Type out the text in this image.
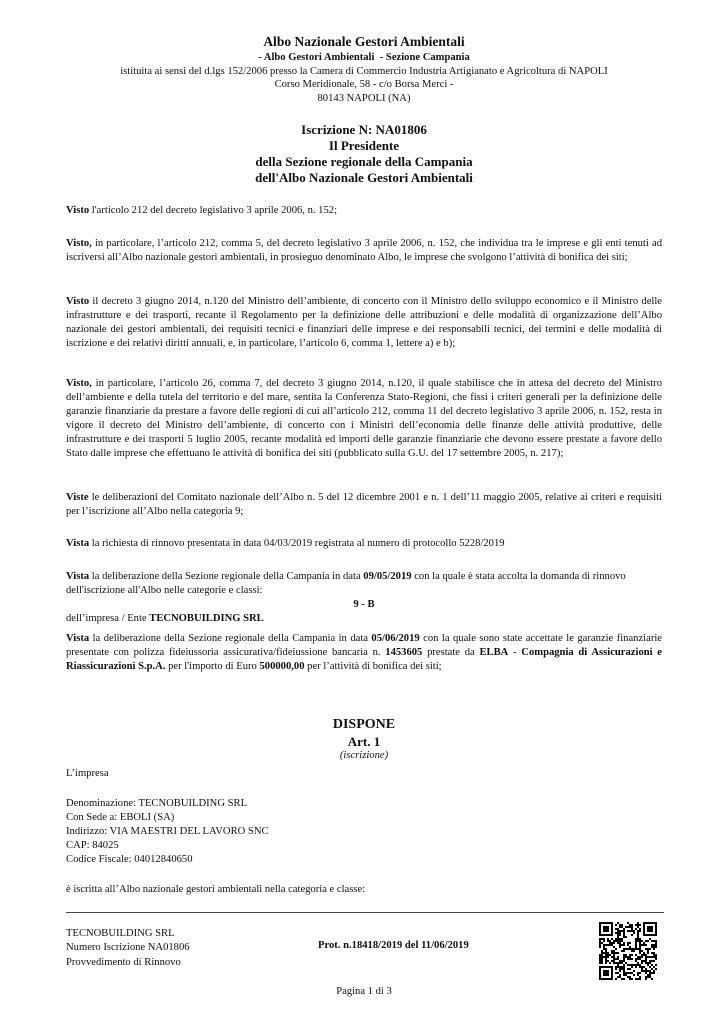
Albo Nazionale Gestori Ambientali
- Albo Gestori Ambientali - Sezione Campania
istituita ai sensi del d.lgs 152/2006 presso la Camera di Commercio Industria Artigianato e Agricoltura di NAPOLI
Corso Meridionale, 58 - c/o Borsa Merci -
80143 NAPOLI (NA)
Iscrizione N: NA01806
Il Presidente
della Sezione regionale della Campania
dell'Albo Nazionale Gestori Ambientali

Visto l'articolo 212 del decreto legislativo 3 aprile 2006, n. 152;

Visto, in particolare, l’articolo 212, comma 5, del decreto legislativo 3 aprile 2006, n. 152, che individua tra le imprese e gli enti tenuti ad iscriversi all’Albo nazionale gestori ambientali, in prosieguo denominato Albo, le imprese che svolgono l’attività di bonifica dei siti;

Visto il decreto 3 giugno 2014, n.120 del Ministro dell’ambiente, di concerto con il Ministro dello sviluppo economico e il Ministro delle infrastrutture e dei trasporti, recante il Regolamento per la definizione delle attribuzioni e delle modalità di organizzazione dell’Albo nazionale dei gestori ambientali, dei requisiti tecnici e finanziari delle imprese e dei responsabili tecnici, dei termini e delle modalità di iscrizione e dei relativi diritti annuali, e, in particolare, l’articolo 6, comma 1, lettere a) e b);

Visto, in particolare, l’articolo 26, comma 7, del decreto 3 giugno 2014, n.120, il quale stabilisce che in attesa del decreto del Ministro dell’ambiente e della tutela del territorio e del mare, sentita la Conferenza Stato-Regioni, che fissi i criteri generali per la definizione delle garanzie finanziarie da prestare a favore delle regioni di cui all’articolo 212, comma 11 del decreto legislativo 3 aprile 2006, n. 152, resta in vigore il decreto del Ministro dell’ambiente, di concerto con i Ministri dell’economia delle finanze delle attività produttive, delle infrastrutture e dei trasporti 5 luglio 2005, recante modalità ed importi delle garanzie finanziarie che devono essere prestate a favore dello Stato dalle imprese che effettuano le attività di bonifica dei siti (pubblicato sulla G.U. del 17 settembre 2005, n. 217);

Viste le deliberazioni del Comitato nazionale dell’Albo n. 5 del 12 dicembre 2001 e n. 1 dell’11 maggio 2005, relative ai criteri e requisiti per l’iscrizione all’Albo nella categoria 9;

Vista la richiesta di rinnovo presentata in data 04/03/2019 registrata al numero di protocollo 5228/2019

Vista la deliberazione della Sezione regionale della Campania in data 09/05/2019 con la quale è stata accolta la domanda di rinnovo dell'iscrizione all'Albo nelle categorie e classi:

9 - B

dell’impresa / Ente TECNOBUILDING SRL

Vista la deliberazione della Sezione regionale della Campania in data 05/06/2019 con la quale sono state accettate le garanzie finanziarie presentate con polizza fideiussoria assicurativa/fideiussione bancaria n. 1453605 prestate da ELBA - Compagnia di Assicurazioni e Riassicurazioni S.p.A. per l'importo di Euro 500000,00 per l’attività di bonifica dei siti;

DISPONE
Art. 1
(iscrizione)

L’impresa

Denominazione: TECNOBUILDING SRL

Con Sede a: EBOLI (SA)

Indirizzo: VIA MAESTRI DEL LAVORO SNC

CAP: 84025

Codice Fiscale: 04012840650

è iscritta all’Albo nazionale gestori ambientali nella categoria e classe:

TECNOBUILDING SRL
Numero Iscrizione NA01806
Provvedimento di Rinnovo
Prot. n.18418/2019 del 11/06/2019
Pagina 1 di 3
